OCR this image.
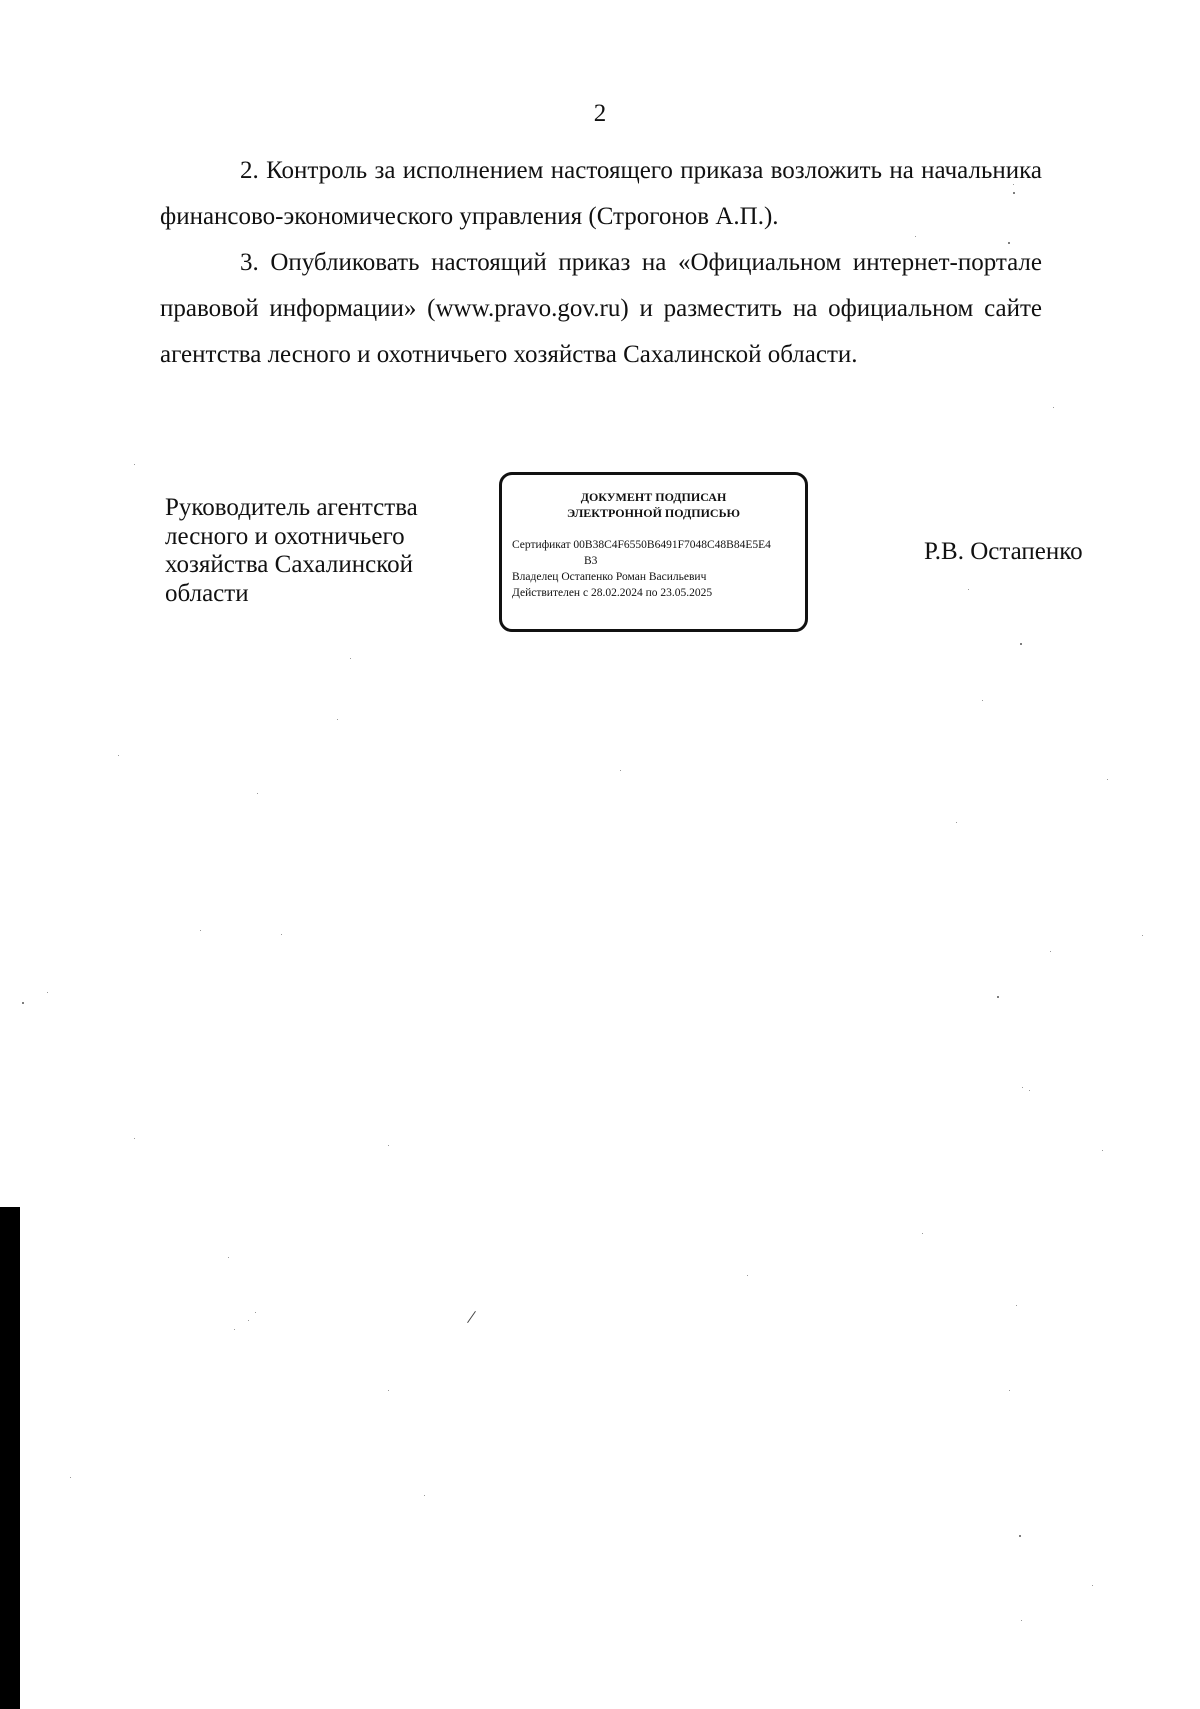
2

2. Контроль за исполнением настоящего приказа возложить на начальника финансово-экономического управления (Строгонов А.П.).

3. Опубликовать настоящий приказ на «Официальном интернет-портале правовой информации» (www.pravo.gov.ru) и разместить на официальном сайте агентства лесного и охотничьего хозяйства Сахалинской области.

Руководитель агентства
лесного и охотничьего
хозяйства Сахалинской
области
ДОКУМЕНТ ПОДПИСАН
ЭЛЕКТРОННОЙ ПОДПИСЬЮ
Сертификат 00B38C4F6550B6491F7048C48B84E5E4
B3
Владелец Остапенко Роман Васильевич
Действителен с 28.02.2024 по 23.05.2025
Р.В. Остапенко
